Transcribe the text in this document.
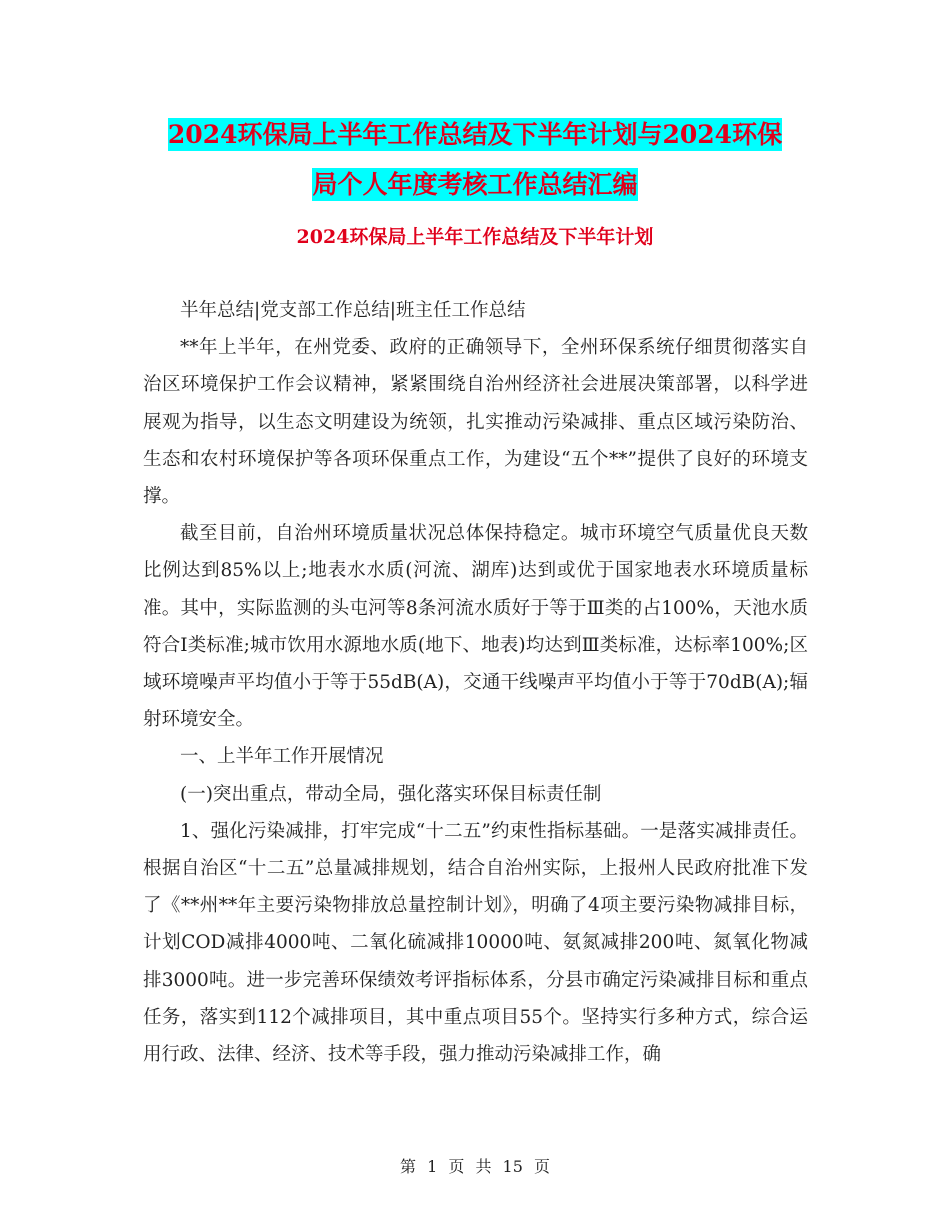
2024环保局上半年工作总结及下半年计划与2024环保
局个人年度考核工作总结汇编
2024环保局上半年工作总结及下半年计划

半年总结|党支部工作总结|班主任工作总结

**年上半年，在州党委、政府的正确领导下，全州环保系统仔细贯彻落实自治区环境保护工作会议精神，紧紧围绕自治州经济社会进展决策部署，以科学进展观为指导，以生态文明建设为统领，扎实推动污染减排、重点区域污染防治、生态和农村环境保护等各项环保重点工作，为建设“五个**”提供了良好的环境支撑。

截至目前，自治州环境质量状况总体保持稳定。城市环境空气质量优良天数比例达到85%以上;地表水水质(河流、湖库)达到或优于国家地表水环境质量标准。其中，实际监测的头屯河等8条河流水质好于等于Ⅲ类的占100%，天池水质符合Ⅰ类标准;城市饮用水源地水质(地下、地表)均达到Ⅲ类标准，达标率100%;区域环境噪声平均值小于等于55dB(A)，交通干线噪声平均值小于等于70dB(A);辐射环境安全。

一、上半年工作开展情况

(一)突出重点，带动全局，强化落实环保目标责任制

1、强化污染减排，打牢完成“十二五”约束性指标基础。一是落实减排责任。根据自治区“十二五”总量减排规划，结合自治州实际，上报州人民政府批准下发了《**州**年主要污染物排放总量控制计划》，明确了4项主要污染物减排目标，计划COD减排4000吨、二氧化硫减排10000吨、氨氮减排200吨、氮氧化物减排3000吨。进一步完善环保绩效考评指标体系，分县市确定污染减排目标和重点任务，落实到112个减排项目，其中重点项目55个。坚持实行多种方式，综合运用行政、法律、经济、技术等手段，强力推动污染减排工作，确

第 1 页 共 15 页
